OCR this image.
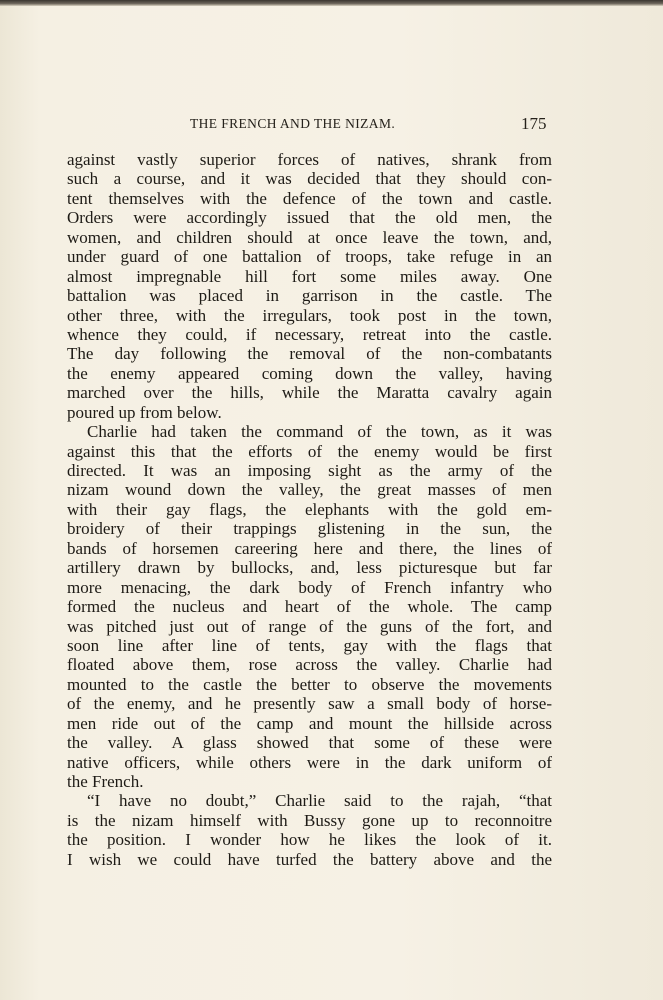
THE FRENCH AND THE NIZAM.	175
against vastly superior forces of natives, shrank from
such a course, and it was decided that they should con-
tent themselves with the defence of the town and castle.
Orders were accordingly issued that the old men, the
women, and children should at once leave the town, and,
under guard of one battalion of troops, take refuge in an
almost impregnable hill fort some miles away. One
battalion was placed in garrison in the castle. The
other three, with the irregulars, took post in the town,
whence they could, if necessary, retreat into the castle.
The day following the removal of the non-combatants
the enemy appeared coming down the valley, having
marched over the hills, while the Maratta cavalry again
poured up from below.
Charlie had taken the command of the town, as it was
against this that the efforts of the enemy would be first
directed. It was an imposing sight as the army of the
nizam wound down the valley, the great masses of men
with their gay flags, the elephants with the gold em-
broidery of their trappings glistening in the sun, the
bands of horsemen careering here and there, the lines of
artillery drawn by bullocks, and, less picturesque but far
more menacing, the dark body of French infantry who
formed the nucleus and heart of the whole. The camp
was pitched just out of range of the guns of the fort, and
soon line after line of tents, gay with the flags that
floated above them, rose across the valley. Charlie had
mounted to the castle the better to observe the movements
of the enemy, and he presently saw a small body of horse-
men ride out of the camp and mount the hillside across
the valley. A glass showed that some of these were
native officers, while others were in the dark uniform of
the French.
“I have no doubt,” Charlie said to the rajah, “that
is the nizam himself with Bussy gone up to reconnoitre
the position. I wonder how he likes the look of it.
I wish we could have turfed the battery above and the
